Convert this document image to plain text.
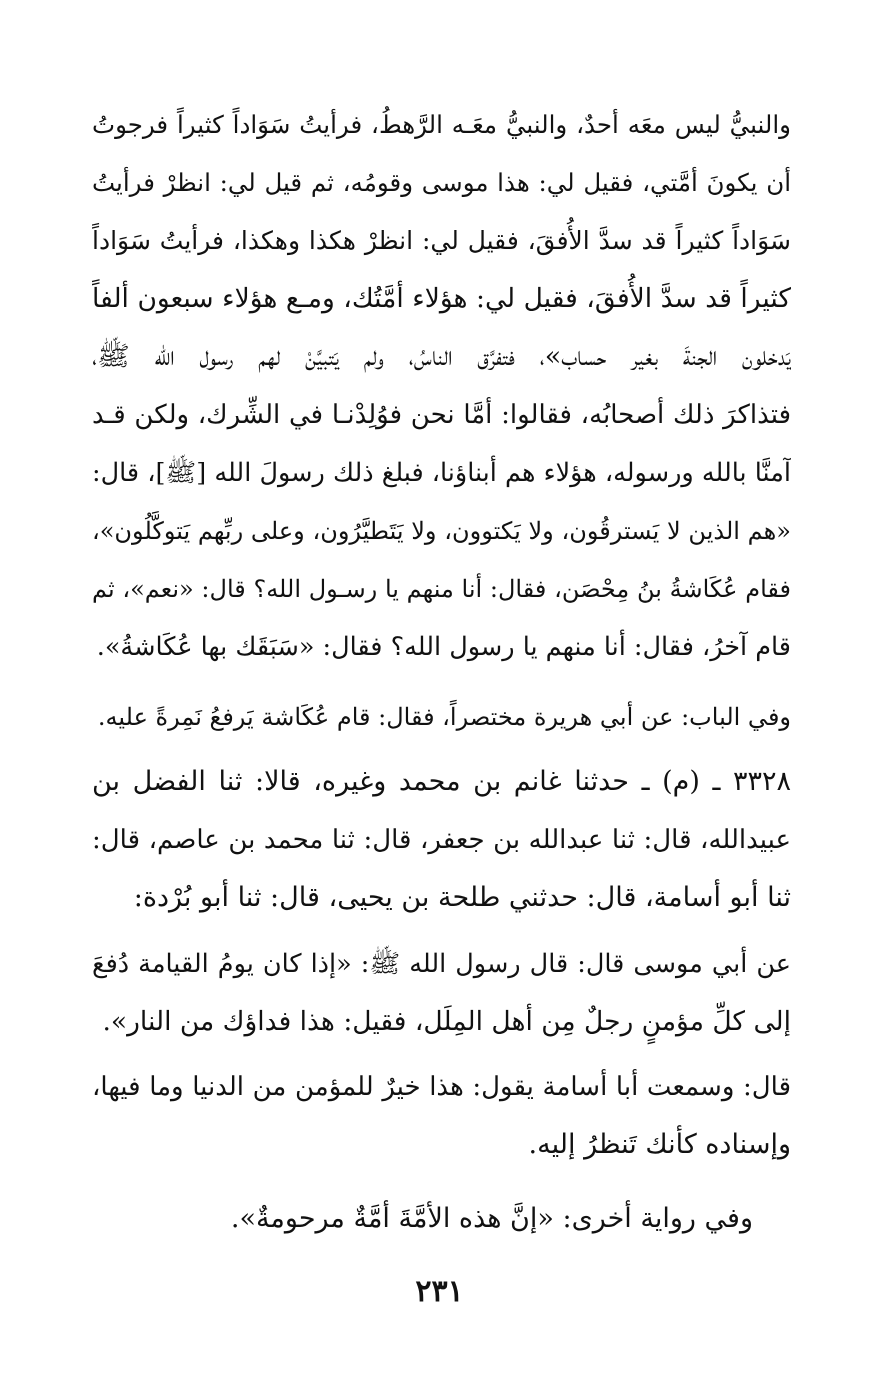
والنبيُّ ليس معَه أحدٌ، والنبيُّ معَـه الرَّهطُ، فرأيتُ سَوَاداً كثيراً فرجوتُ
أن يكونَ أمَّتي، فقيل لي: هذا موسى وقومُه، ثم قيل لي: انظرْ فرأيتُ
سَوَاداً كثيراً قد سدَّ الأُفقَ، فقيل لي: انظرْ هكذا وهكذا، فرأيتُ سَوَاداً
كثيراً قد سدَّ الأُفقَ، فقيل لي: هؤلاء أمَّتُك، ومـع هؤلاء سبعون ألفاً
يَدخلون الجنةَ بغير حساب»، فتفرَّق الناسُ، ولم يَتبيَّنْ لهم رسول الله ﷺ،
فتذاكرَ ذلك أصحابُه، فقالوا: أمَّا نحن فوُلِدْنـا في الشِّرك، ولكن قـد
آمنَّا بالله ورسوله، هؤلاء هم أبناؤنا، فبلغ ذلك رسولَ الله [ﷺ]، قال:
«هم الذين لا يَسترقُون، ولا يَكتوون، ولا يَتَطيَّرُون، وعلى ربِّهم يَتوكَّلُون»،
فقام عُكَاشةُ بنُ مِحْصَن، فقال: أنا منهم يا رسـول الله؟ قال: «نعم»، ثم
قام آخرُ، فقال: أنا منهم يا رسول الله؟ فقال: «سَبَقَك بها عُكَاشةُ».
وفي الباب: عن أبي هريرة مختصراً، فقال: قام عُكَاشة يَرفعُ نَمِرةً عليه.
٣٣٢٨ ـ (م) ـ حدثنا غانم بن محمد وغيره، قالا: ثنا الفضل بن
عبيدالله، قال: ثنا عبدالله بن جعفر، قال: ثنا محمد بن عاصم، قال:
ثنا أبو أسامة، قال: حدثني طلحة بن يحيى، قال: ثنا أبو بُرْدة:
عن أبي موسى قال: قال رسول الله ﷺ: «إذا كان يومُ القيامة دُفعَ
إلى كلِّ مؤمنٍ رجلٌ مِن أهل المِلَل، فقيل: هذا فداؤك من النار».
قال: وسمعت أبا أسامة يقول: هذا خيرٌ للمؤمن من الدنيا وما فيها،
وإسناده كأنك تَنظرُ إليه.
وفي رواية أخرى: «إنَّ هذه الأمَّةَ أمَّةٌ مرحومةٌ».
٢٣١
